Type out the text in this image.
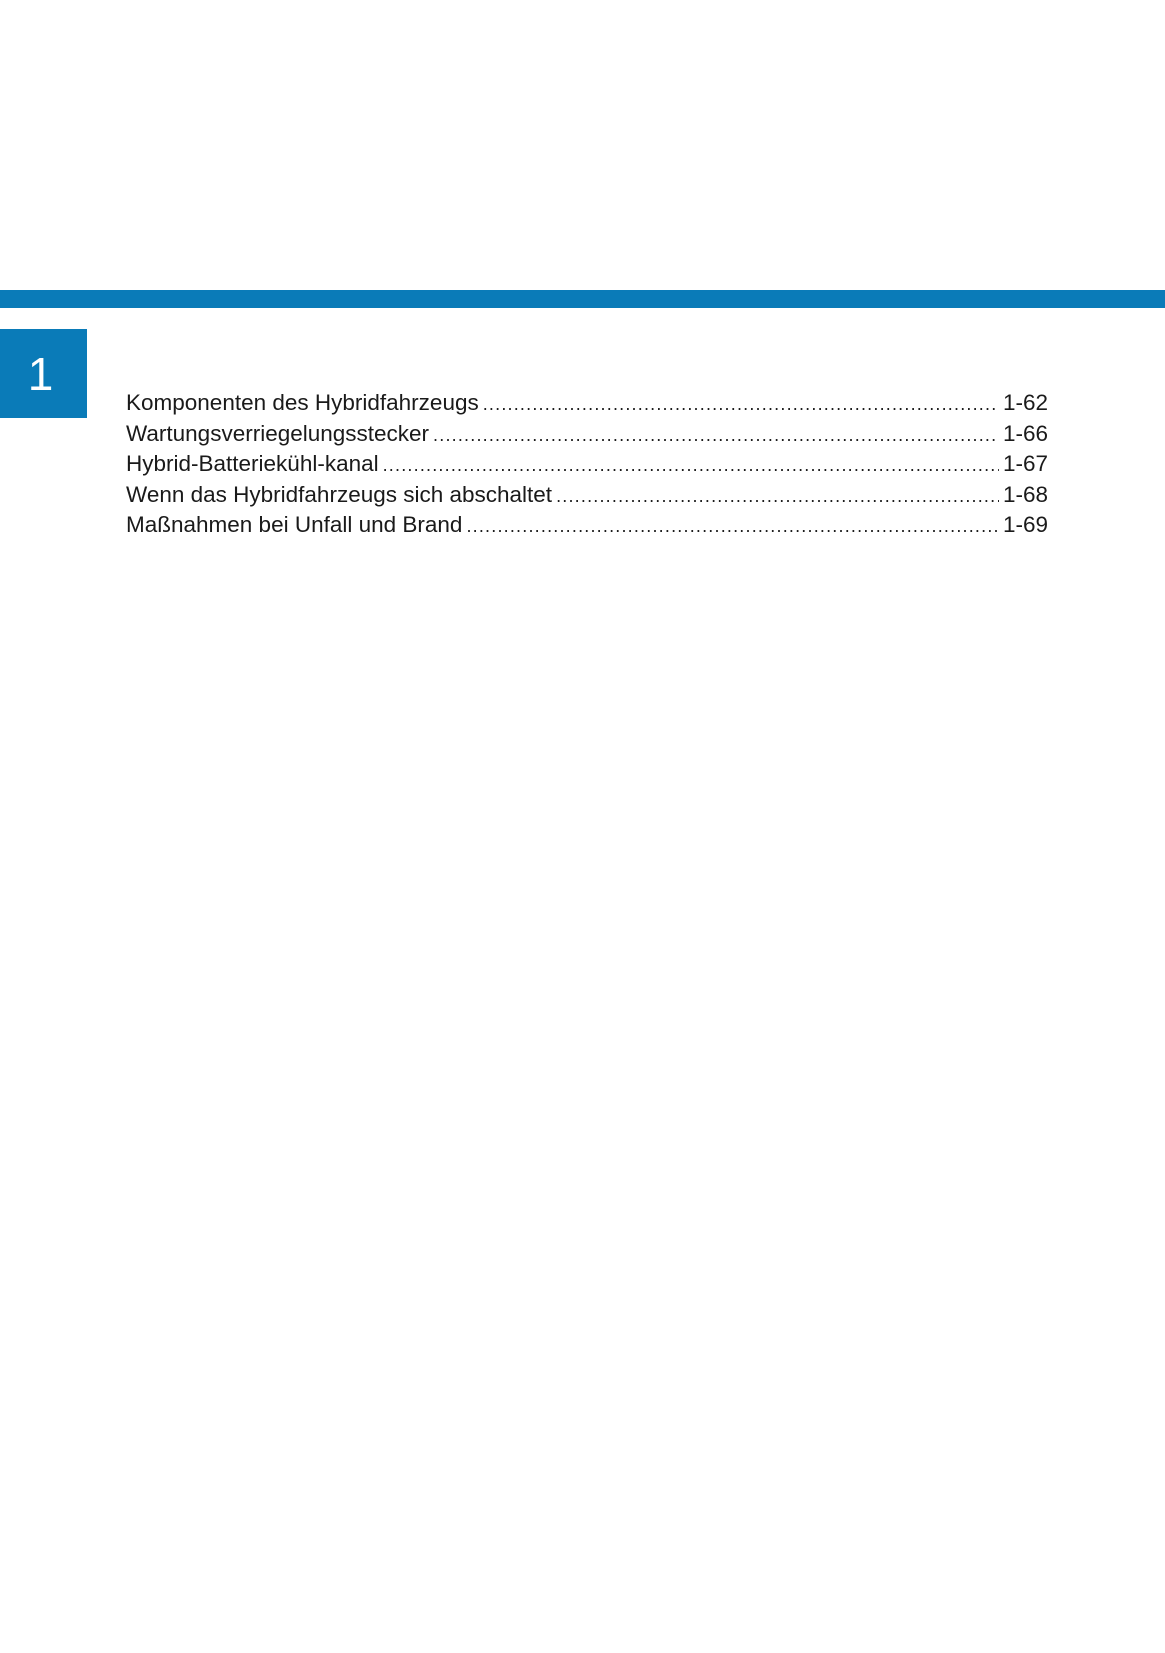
1
Komponenten des Hybridfahrzeugs .....	1-62
Wartungsverriegelungsstecker .....	1-66
Hybrid-Batteriekühl-kanal .....	1-67
Wenn das Hybridfahrzeugs sich abschaltet .....	1-68
Maßnahmen bei Unfall und Brand .....	1-69
